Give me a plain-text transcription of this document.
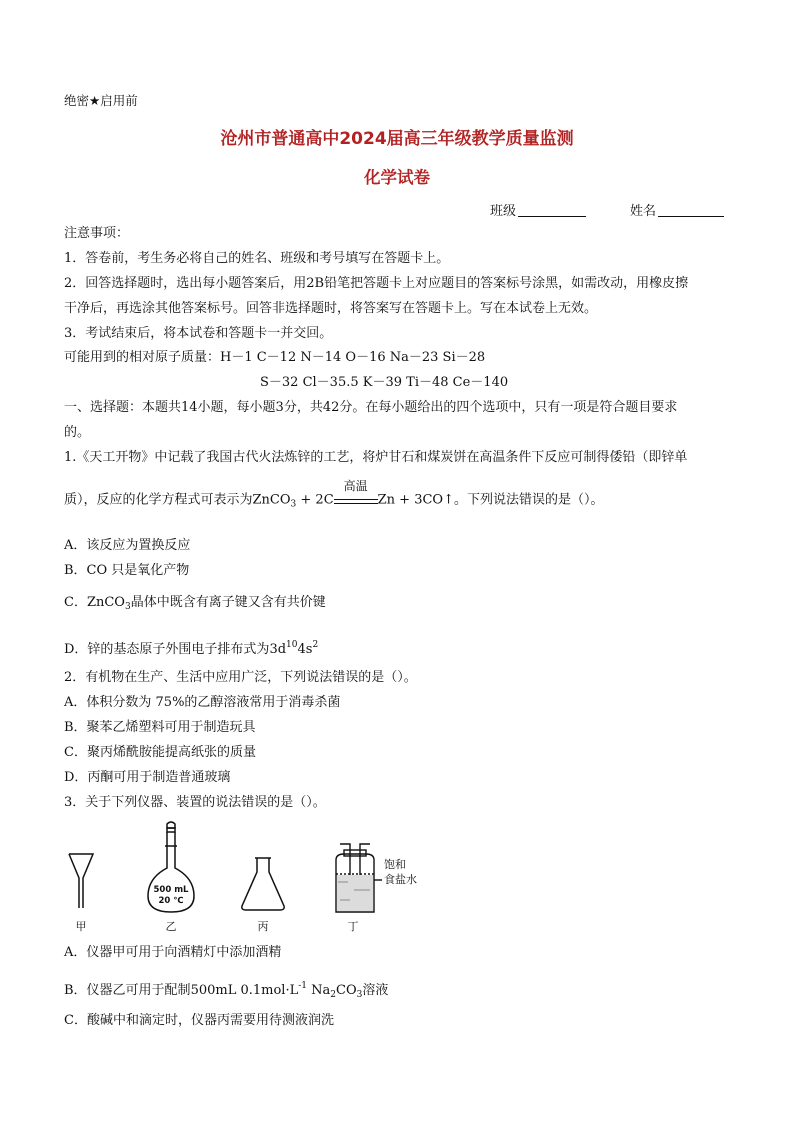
绝密★启用前
沧州市普通高中2024届高三年级教学质量监测
化学试卷
班级	姓名
注意事项：
1．答卷前，考生务必将自己的姓名、班级和考号填写在答题卡上。
2．回答选择题时，选出每小题答案后，用2B铅笔把答题卡上对应题目的答案标号涂黑，如需改动，用橡皮擦
干净后，再选涂其他答案标号。回答非选择题时，将答案写在答题卡上。写在本试卷上无效。
3．考试结束后，将本试卷和答题卡一并交回。
可能用到的相对原子质量：H－1 C－12 N－14 O－16 Na－23 Si－28
S－32 Cl－35.5 K－39 Ti－48 Ce－140
一、选择题：本题共14小题，每小题3分，共42分。在每小题给出的四个选项中，只有一项是符合题目要求
的。
1.《天工开物》中记载了我国古代火法炼锌的工艺，将炉甘石和煤炭饼在高温条件下反应可制得倭铅（即锌单
质），反应的化学方程式可表示为ZnCO$_3$ + 2C
高温
Zn + 3CO↑。下列说法错误的是（）。
A．该反应为置换反应
B．CO 只是氧化产物
C．ZnCO$_3$晶体中既含有离子键又含有共价键
D．锌的基态原子外围电子排布式为$3d^{10}4s^2$
2．有机物在生产、生活中应用广泛，下列说法错误的是（）。
A．体积分数为 75%的乙醇溶液常用于消毒杀菌
B．聚苯乙烯塑料可用于制造玩具
C．聚丙烯酰胺能提高纸张的质量
D．丙酮可用于制造普通玻璃
3．关于下列仪器、装置的说法错误的是（）。
500 mL
20 ℃
饱和
食盐水
甲	乙	丙	丁
A．仪器甲可用于向酒精灯中添加酒精
B．仪器乙可用于配制500mL $0.1mol\cdot L^{-1}$ $Na_2CO_3$溶液
C．酸碱中和滴定时，仪器丙需要用待测液润洗
